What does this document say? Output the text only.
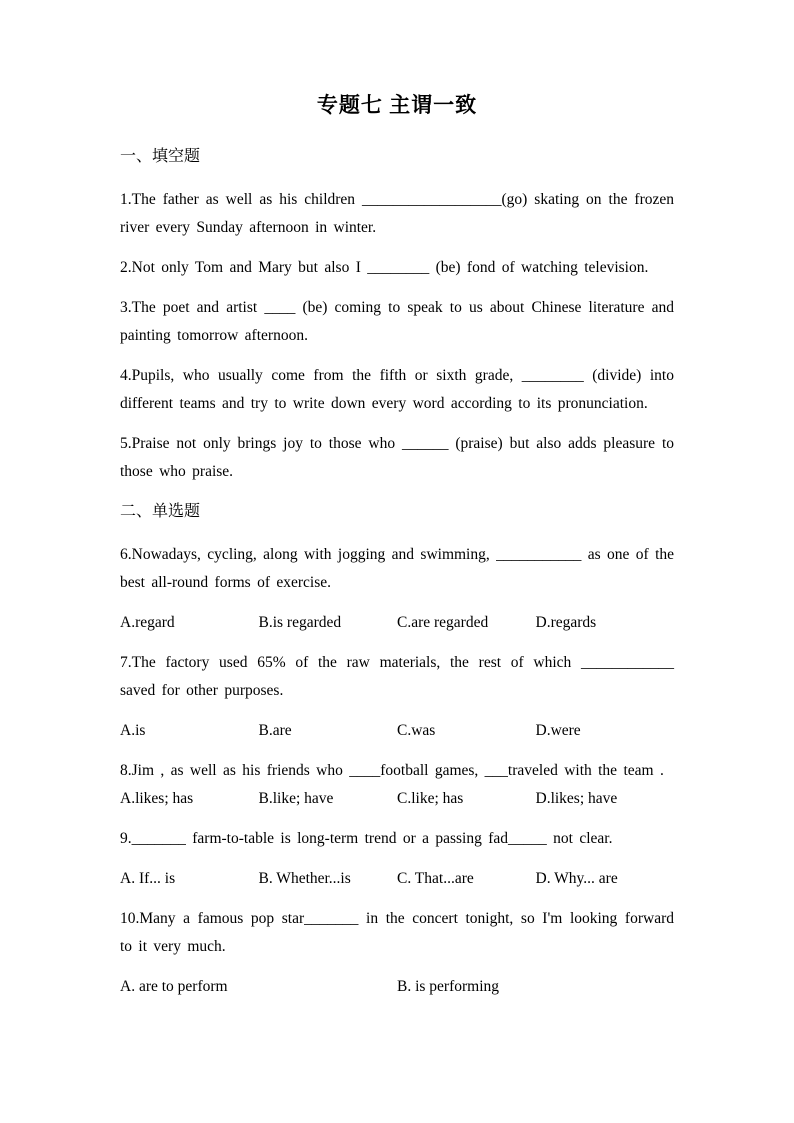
专题七 主谓一致
一、填空题

1.The father as well as his children __________________(go) skating on the frozen river every Sunday afternoon in winter.

2.Not only Tom and Mary but also I ________ (be) fond of watching television.

3.The poet and artist ____ (be) coming to speak to us about Chinese literature and painting tomorrow afternoon.

4.Pupils, who usually come from the fifth or sixth grade, ________ (divide) into different teams and try to write down every word according to its pronunciation.

5.Praise not only brings joy to those who ______ (praise) but also adds pleasure to those who praise.

二、单选题

6.Nowadays, cycling, along with jogging and swimming, ___________ as one of the best all-round forms of exercise.

A.regard	B.is regarded	C.are regarded	D.regards

7.The factory used 65% of the raw materials, the rest of which ____________ saved for other purposes.

A.is	B.are	C.was	D.were

8.Jim , as well as his friends who ____football games, ___traveled with the team .

A.likes; has	B.like; have	C.like; has	D.likes; have

9._______ farm-to-table is long-term trend or a passing fad_____ not clear.

A. If... is	B. Whether...is	C. That...are	D. Why... are

10.Many a famous pop star_______ in the concert tonight, so I'm looking forward to it very much.

A. are to perform	B. is performing
